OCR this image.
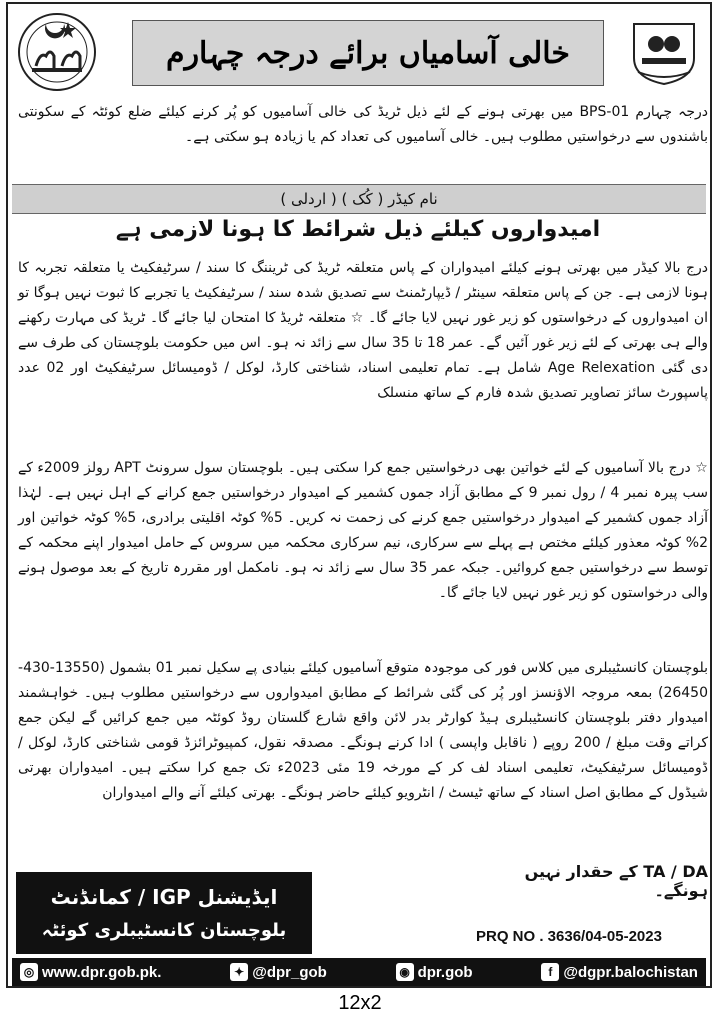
خالی آسامیاں برائے درجہ چہارم

درجہ چہارم BPS-01 میں بھرتی ہونے کے لئے ذیل ٹریڈ کی خالی آسامیوں کو پُر کرنے کیلئے ضلع کوئٹہ کے سکونتی باشندوں سے درخواستیں مطلوب ہیں۔ خالی آسامیوں کی تعداد کم یا زیادہ ہو سکتی ہے۔

نام کیڈر ( کُک ) ( اردلی )
امیدواروں کیلئے ذیل شرائط کا ہونا لازمی ہے

درج بالا کیڈر میں بھرتی ہونے کیلئے امیدواران کے پاس متعلقہ ٹریڈ کی ٹریننگ کا سند / سرٹیفکیٹ یا متعلقہ تجربہ کا ہونا لازمی ہے۔ جن کے پاس متعلقہ سینٹر / ڈیپارٹمنٹ سے تصدیق شدہ سند / سرٹیفکیٹ یا تجربے کا ثبوت نہیں ہوگا تو ان امیدواروں کے درخواستوں کو زیر غور نہیں لایا جائے گا۔ ☆ متعلقہ ٹریڈ کا امتحان لیا جائے گا۔ ٹریڈ کی مہارت رکھنے والے ہی بھرتی کے لئے زیر غور آئیں گے۔ عمر 18 تا 35 سال سے زائد نہ ہو۔ اس میں حکومت بلوچستان کی طرف سے دی گئی Age Relexation شامل ہے۔ تمام تعلیمی اسناد، شناختی کارڈ، لوکل / ڈومیسائل سرٹیفکیٹ اور 02 عدد پاسپورٹ سائز تصاویر تصدیق شدہ فارم کے ساتھ منسلک

☆ درج بالا آسامیوں کے لئے خواتین بھی درخواستیں جمع کرا سکتی ہیں۔ بلوچستان سول سرونٹ APT رولز 2009ء کے سب پیرہ نمبر 4 / رول نمبر 9 کے مطابق آزاد جموں کشمیر کے امیدوار درخواستیں جمع کرانے کے اہل نہیں ہے۔ لہٰذا آزاد جموں کشمیر کے امیدوار درخواستیں جمع کرنے کی زحمت نہ کریں۔ 5% کوٹہ اقلیتی برادری، 5% کوٹہ خواتین اور 2% کوٹہ معذور کیلئے مختص ہے پہلے سے سرکاری، نیم سرکاری محکمہ میں سروس کے حامل امیدوار اپنے محکمہ کے توسط سے درخواستیں جمع کروائیں۔ جبکہ عمر 35 سال سے زائد نہ ہو۔ نامکمل اور مقررہ تاریخ کے بعد موصول ہونے والی درخواستوں کو زیر غور نہیں لایا جائے گا۔

بلوچستان کانسٹیبلری میں کلاس فور کی موجودہ متوقع آسامیوں کیلئے بنیادی پے سکیل نمبر 01 بشمول (13550-430-26450) بمعہ مروجہ الاؤنسز اور پُر کی گئی شرائط کے مطابق امیدواروں سے درخواستیں مطلوب ہیں۔ خواہشمند امیدوار دفتر بلوچستان کانسٹیبلری ہیڈ کوارٹر بدر لائن واقع شارع گلستان روڈ کوئٹہ میں جمع کرائیں گے لیکن جمع کراتے وقت مبلغ / 200 روپے ( ناقابل واپسی ) ادا کرنے ہونگے۔ مصدقہ نقول، کمپیوٹرائزڈ قومی شناختی کارڈ، لوکل / ڈومیسائل سرٹیفکیٹ، تعلیمی اسناد لف کر کے مورخہ 19 مئی 2023ء تک جمع کرا سکتے ہیں۔ امیدواران بھرتی شیڈول کے مطابق اصل اسناد کے ساتھ ٹیسٹ / انٹرویو کیلئے حاضر ہونگے۔ بھرتی کیلئے آنے والے امیدواران

TA / DA کے حقدار نہیں ہونگے۔
ایڈیشنل IGP / کمانڈنٹ
بلوچستان کانسٹیبلری کوئٹہ	PRQ NO . 3636/04-05-2023
◎ www.dpr.gob.pk.	✦ @dpr_gob	◉ dpr.gob	f @dgpr.balochistan
12x2
